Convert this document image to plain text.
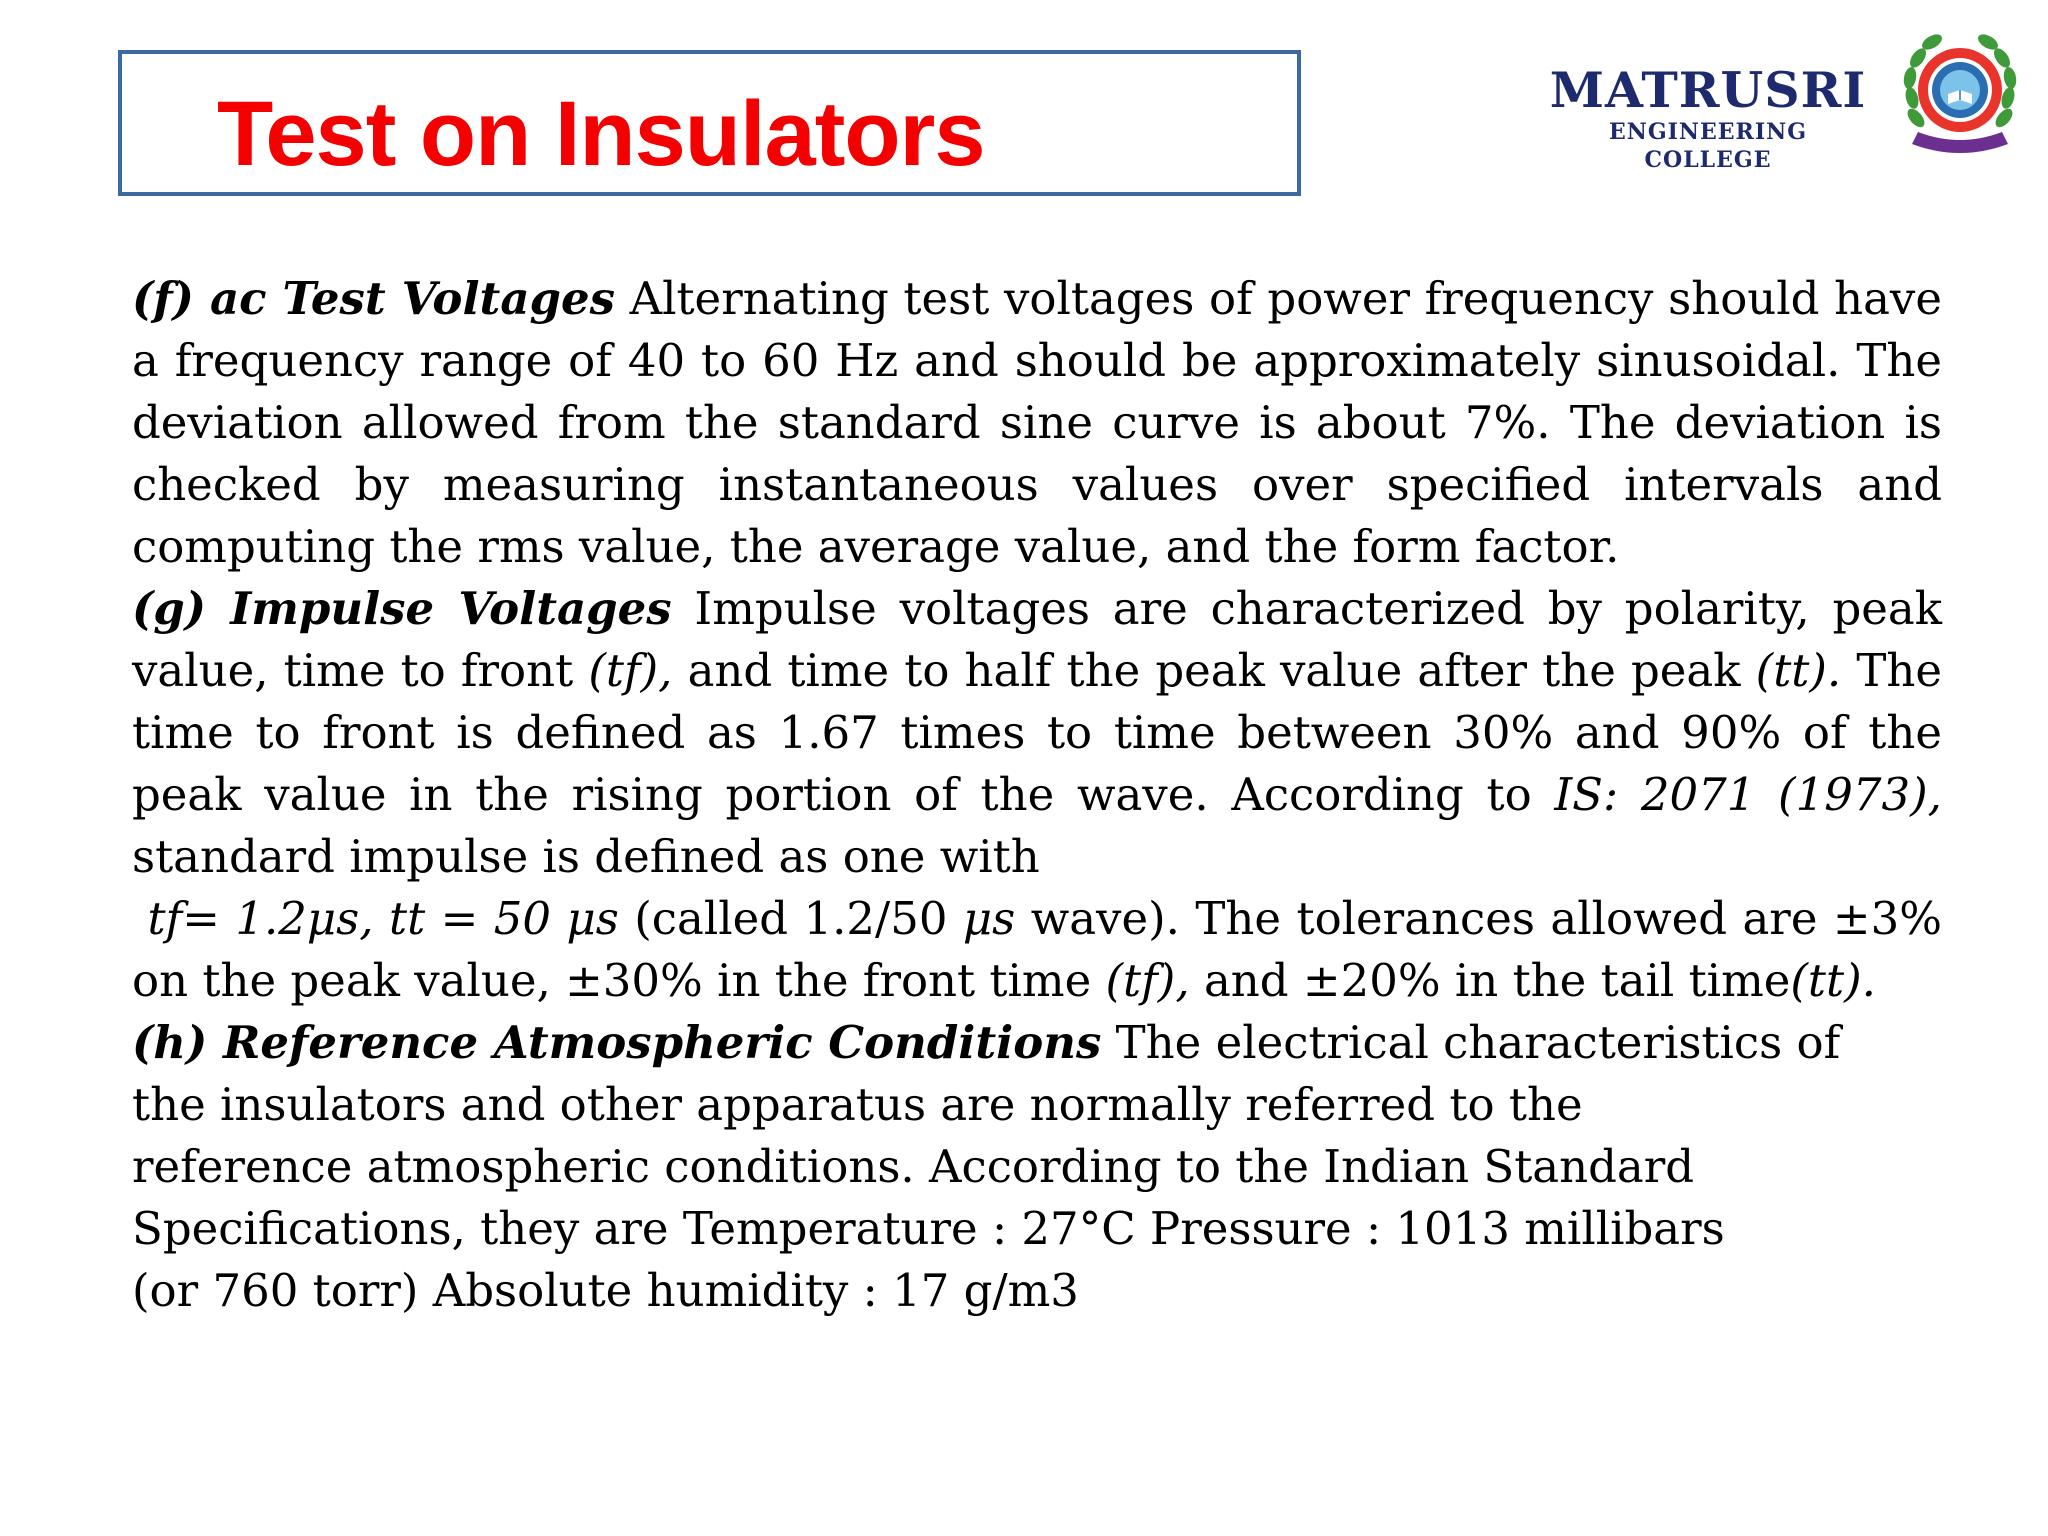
Test on Insulators	MATRUSRI
ENGINEERING COLLEGE

(f) ac Test Voltages Alternating test voltages of power frequency should have a frequency range of 40 to 60 Hz and should be approximately sinusoidal. The deviation allowed from the standard sine curve is about 7%. The deviation is checked by measuring instantaneous values over specified intervals and computing the rms value, the average value, and the form factor.

(g) Impulse Voltages Impulse voltages are characterized by polarity, peak value, time to front (tf), and time to half the peak value after the peak (tt). The time to front is defined as 1.67 times to time between 30% and 90% of the peak value in the rising portion of the wave. According to IS: 2071 (1973), standard impulse is defined as one with
tf= 1.2μs, tt = 50 μs (called 1.2/50 μs wave). The tolerances allowed are ±3% on the peak value, ±30% in the front time (tf), and ±20% in the tail time(tt).

(h) Reference Atmospheric Conditions The electrical characteristics of
the insulators and other apparatus are normally referred to the
reference atmospheric conditions. According to the Indian Standard
Specifications, they are Temperature : 27°C Pressure : 1013 millibars
(or 760 torr) Absolute humidity : 17 g/m3
